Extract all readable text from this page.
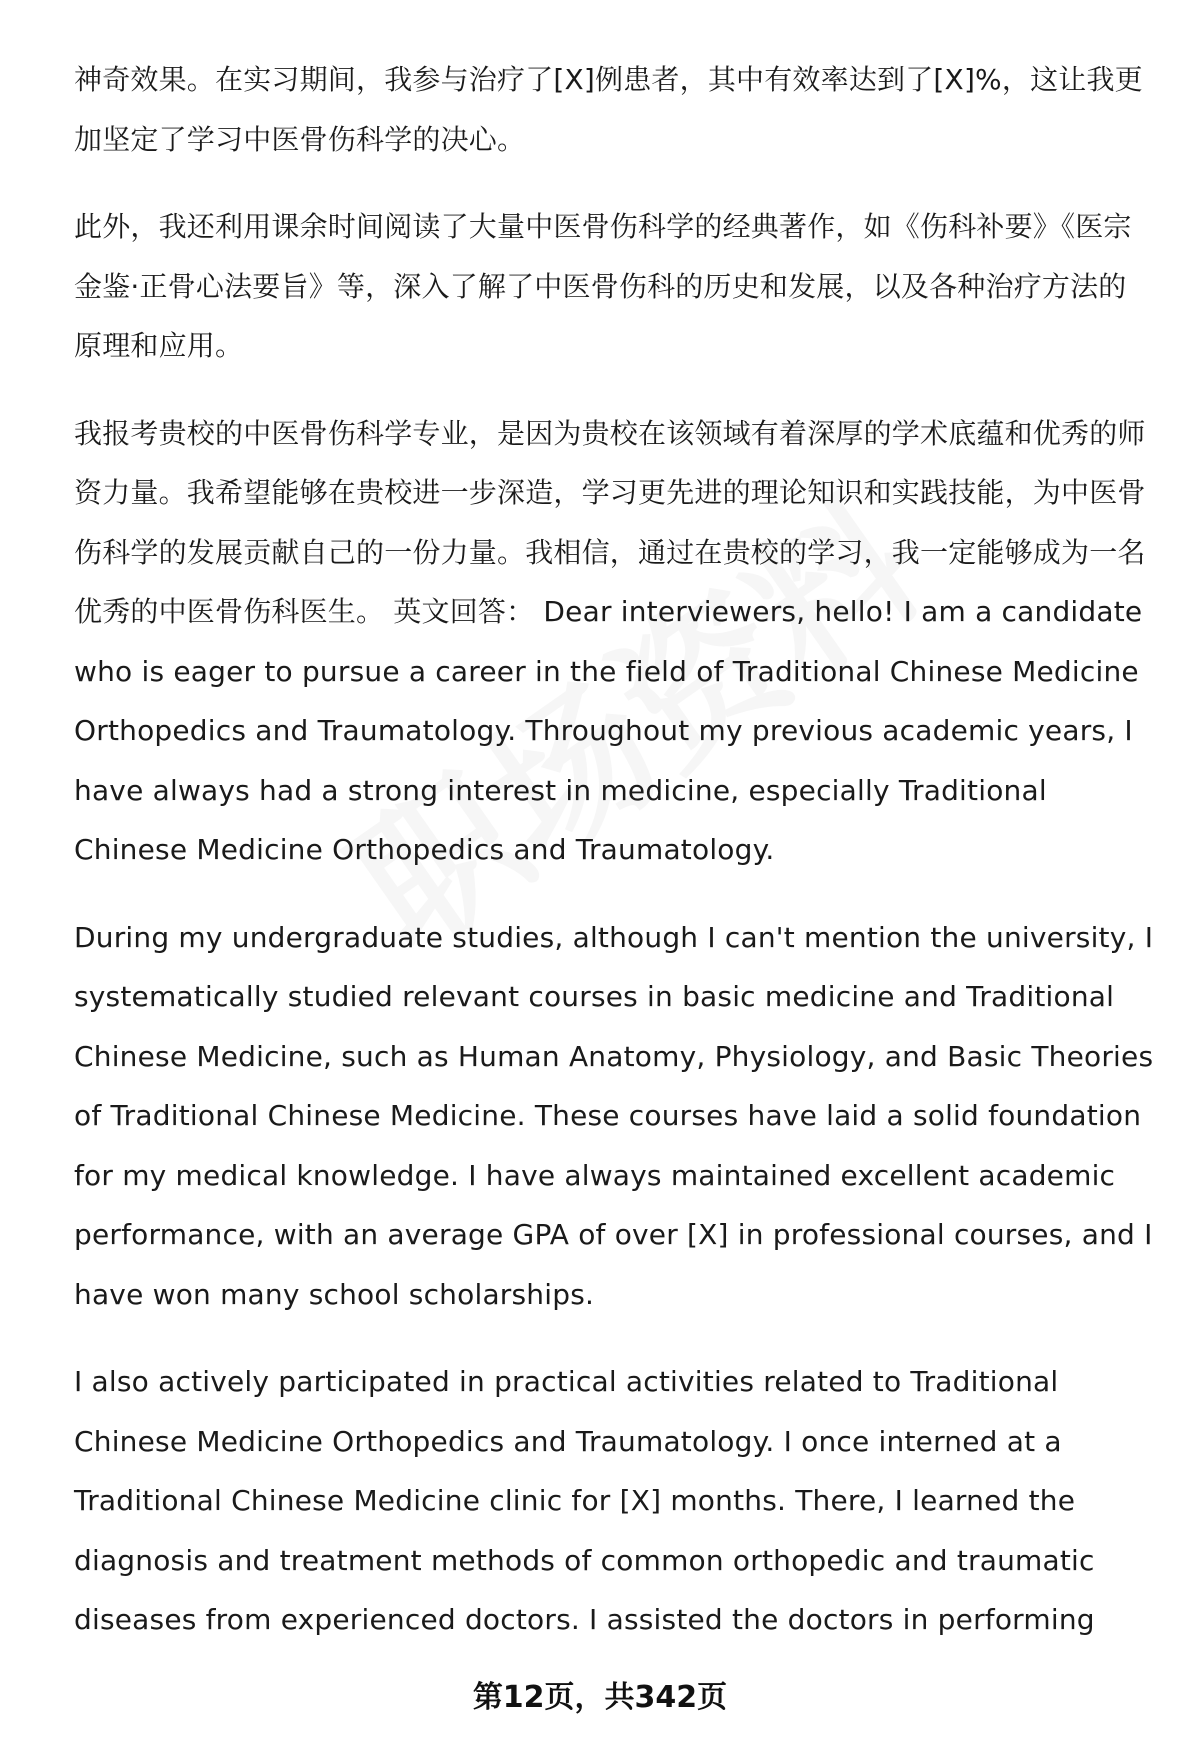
神奇效果。在实习期间，我参与治疗了[X]例患者，其中有效率达到了[X]%，这让我更加坚定了学习中医骨伤科学的决心。

此外，我还利用课余时间阅读了大量中医骨伤科学的经典著作，如《伤科补要》《医宗金鉴·正骨心法要旨》等，深入了解了中医骨伤科的历史和发展，以及各种治疗方法的原理和应用。

我报考贵校的中医骨伤科学专业，是因为贵校在该领域有着深厚的学术底蕴和优秀的师资力量。我希望能够在贵校进一步深造，学习更先进的理论知识和实践技能，为中医骨伤科学的发展贡献自己的一份力量。我相信，通过在贵校的学习，我一定能够成为一名优秀的中医骨伤科医生。 英文回答： Dear interviewers, hello! I am a candidate who is eager to pursue a career in the field of Traditional Chinese Medicine Orthopedics and Traumatology. Throughout my previous academic years, I have always had a strong interest in medicine, especially Traditional Chinese Medicine Orthopedics and Traumatology.

During my undergraduate studies, although I can't mention the university, I systematically studied relevant courses in basic medicine and Traditional Chinese Medicine, such as Human Anatomy, Physiology, and Basic Theories of Traditional Chinese Medicine. These courses have laid a solid foundation for my medical knowledge. I have always maintained excellent academic performance, with an average GPA of over [X] in professional courses, and I have won many school scholarships.

I also actively participated in practical activities related to Traditional Chinese Medicine Orthopedics and Traumatology. I once interned at a Traditional Chinese Medicine clinic for [X] months. There, I learned the diagnosis and treatment methods of common orthopedic and traumatic diseases from experienced doctors. I assisted the doctors in performing

第12页，共342页
